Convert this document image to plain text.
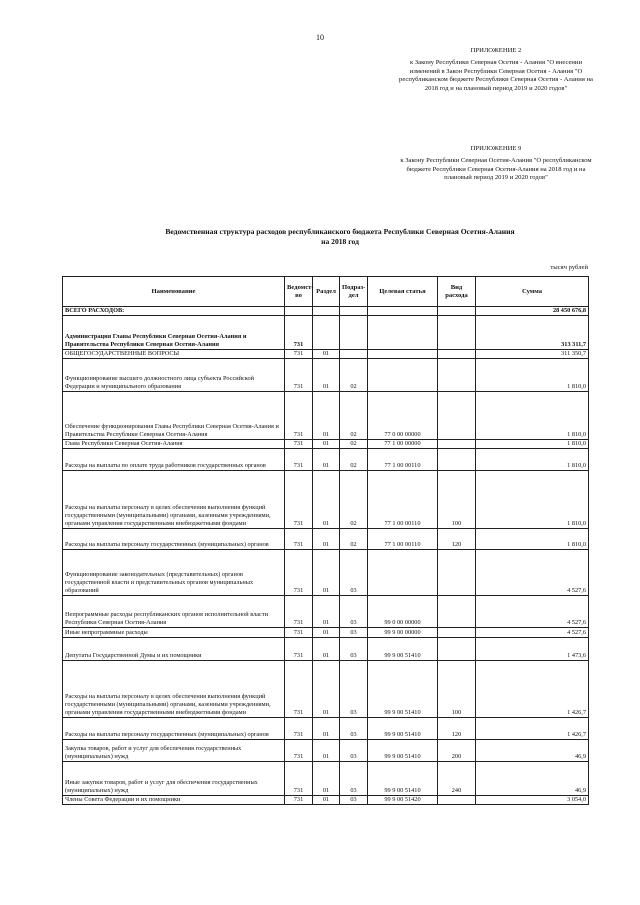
10
ПРИЛОЖЕНИЕ 2
к Закону Республики Северная Осетия - Алания "О внесении изменений в Закон Республики Северная Осетия - Алания "О республиканском бюджете Республики Северная Осетия - Алания на 2018 год и на плановый период 2019 и 2020 годов"
ПРИЛОЖЕНИЕ 9
к Закону Республики Северная Осетия-Алания "О республиканском бюджете Республики Северная Осетия-Алания на 2018 год и на плановый период 2019 и 2020 годов"
Ведомственная структура расходов республиканского бюджета Республики Северная Осетия-Алания
на 2018 год
тысяч рублей
Наименование	Ведомст- во	Раздел	Подраз- дел	Целевая статья	Вид расхода	Сумма
ВСЕГО РАСХОДОВ:						28 450 676,8
Администрация Главы Республики Северная Осетия-Алания и Правительства Республики Северная Осетия-Алания	731					313 311,7
ОБЩЕГОСУДАРСТВЕННЫЕ ВОПРОСЫ	731	01				311 350,7
Функционирование высшего должностного лица субъекта Российской Федерации и муниципального образования	731	01	02			1 810,0
Обеспечение функционирования Главы Республики Северная Осетия-Алания и Правительства Республики Северная Осетия-Алания	731	01	02	77 0 00 00000		1 810,0
Глава Республики Северная Осетия-Алания	731	01	02	77 1 00 00000		1 810,0
Расходы на выплаты по оплате труда работников государственных органов	731	01	02	77 1 00 00110		1 810,0
Расходы на выплаты персоналу в целях обеспечения выполнения функций государственными (муниципальными) органами, казенными учреждениями, органами управления государственными внебюджетными фондами	731	01	02	77 1 00 00110	100	1 810,0
Расходы на выплаты персоналу государственных (муниципальных) органов	731	01	02	77 1 00 00110	120	1 810,0
Функционирование законодательных (представительных) органов государственной власти и представительных органов муниципальных образований	731	01	03			4 527,6
Непрограммные расходы республиканских органов исполнительной власти Республики Северная Осетия-Алания	731	01	03	99 0 00 00000		4 527,6
Иные непрограммные расходы	731	01	03	99 9 00 00000		4 527,6
Депутаты Государственной Думы и их помощники	731	01	03	99 9 00 51410		1 473,6
Расходы на выплаты персоналу в целях обеспечения выполнения функций государственными (муниципальными) органами, казенными учреждениями, органами управления государственными внебюджетными фондами	731	01	03	99 9 00 51410	100	1 426,7
Расходы на выплаты персоналу государственных (муниципальных) органов	731	01	03	99 9 00 51410	120	1 426,7
Закупка товаров, работ и услуг для обеспечения государственных (муниципальных) нужд	731	01	03	99 9 00 51410	200	46,9
Иные закупки товаров, работ и услуг для обеспечения государственных (муниципальных) нужд	731	01	03	99 9 00 51410	240	46,9
Члены Совета Федерации и их помощники	731	01	03	99 9 00 51420		3 054,0
